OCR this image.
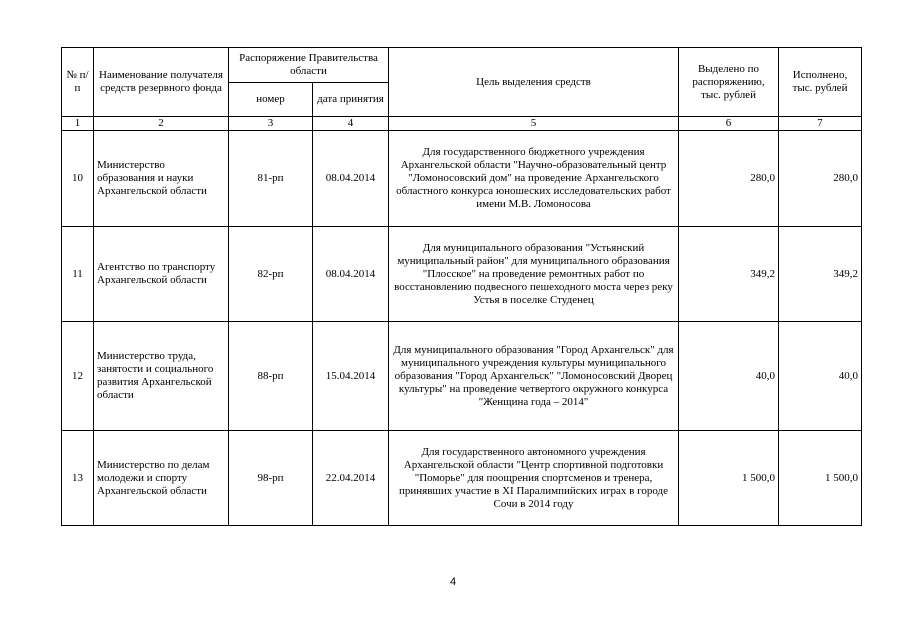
№ п/п	Наименование получателя средств резервного фонда	Распоряжение Правительства области		Цель выделения средств	Выделено по распоряжению, тыс. рублей	Исполнено, тыс. рублей
		номер	дата принятия			
1	2	3	4	5	6	7
10	Министерство образования и науки Архангельской области	81-рп	08.04.2014	Для государственного бюджетного учреждения Архангельской области "Научно-образовательный центр "Ломоносовский дом" на проведение Архангельского областного конкурса юношеских исследовательских работ имени М.В. Ломоносова	280,0	280,0
11	Агентство по транспорту Архангельской области	82-рп	08.04.2014	Для муниципального образования "Устьянский муниципальный район" для муниципального образования "Плосское" на проведение ремонтных работ по восстановлению подвесного пешеходного моста через реку Устья в поселке Студенец	349,2	349,2
12	Министерство труда, занятости и социального развития Архангельской области	88-рп	15.04.2014	Для муниципального образования "Город Архангельск" для муниципального учреждения культуры муниципального образования "Город Архангельск" "Ломоносовский Дворец культуры" на проведение четвертого окружного конкурса "Женщина года – 2014"	40,0	40,0
13	Министерство по делам молодежи и спорту Архангельской области	98-рп	22.04.2014	Для государственного автономного учреждения Архангельской области "Центр спортивной подготовки "Поморье" для поощрения спортсменов и тренера, принявших участие в XI Паралимпийских играх в городе Сочи в 2014 году	1 500,0	1 500,0
4
